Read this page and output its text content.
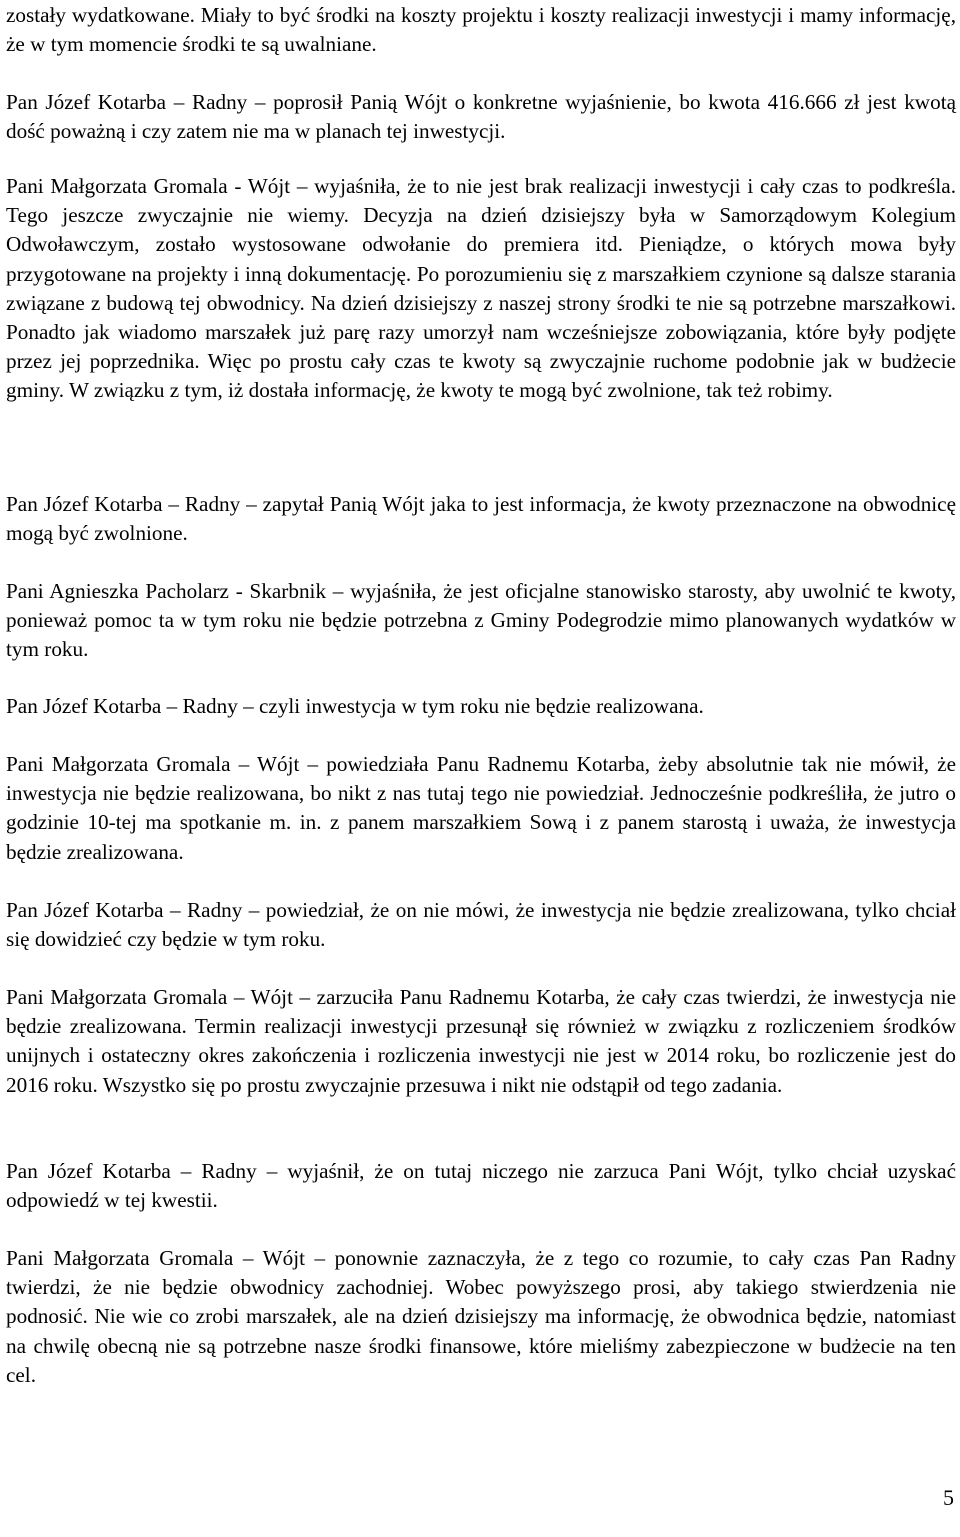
zostały wydatkowane. Miały to być środki na koszty projektu i koszty realizacji inwestycji i mamy informację, że w tym momencie środki te są uwalniane.

Pan Józef Kotarba – Radny – poprosił Panią Wójt o konkretne wyjaśnienie, bo kwota 416.666 zł jest kwotą dość poważną i czy zatem nie ma w planach tej inwestycji.

Pani Małgorzata Gromala - Wójt – wyjaśniła, że to nie jest brak realizacji inwestycji i cały czas to podkreśla. Tego jeszcze zwyczajnie nie wiemy. Decyzja na dzień dzisiejszy była w Samorządowym Kolegium Odwoławczym, zostało wystosowane odwołanie do premiera itd. Pieniądze, o których mowa były przygotowane na projekty i inną dokumentację. Po porozumieniu się z marszałkiem czynione są dalsze starania związane z budową tej obwodnicy. Na dzień dzisiejszy z naszej strony środki te nie są potrzebne marszałkowi. Ponadto jak wiadomo marszałek już parę razy umorzył nam wcześniejsze zobowiązania, które były podjęte przez jej poprzednika. Więc po prostu cały czas te kwoty są zwyczajnie ruchome podobnie jak w budżecie gminy. W związku z tym, iż dostała informację, że kwoty te mogą być zwolnione, tak też robimy.

Pan Józef Kotarba – Radny – zapytał Panią Wójt jaka to jest informacja, że kwoty przeznaczone na obwodnicę mogą być zwolnione.

Pani Agnieszka Pacholarz - Skarbnik – wyjaśniła, że jest oficjalne stanowisko starosty, aby uwolnić te kwoty, ponieważ pomoc ta w tym roku nie będzie potrzebna z Gminy Podegrodzie mimo planowanych wydatków w tym roku.

Pan Józef Kotarba – Radny – czyli inwestycja w tym roku nie będzie realizowana.

Pani Małgorzata Gromala – Wójt – powiedziała Panu Radnemu Kotarba, żeby absolutnie tak nie mówił, że inwestycja nie będzie realizowana, bo nikt z nas tutaj tego nie powiedział. Jednocześnie podkreśliła, że jutro o godzinie 10-tej ma spotkanie m. in. z panem marszałkiem Sową i z panem starostą i uważa, że inwestycja będzie zrealizowana.

Pan Józef Kotarba – Radny – powiedział, że on nie mówi, że inwestycja nie będzie zrealizowana, tylko chciał się dowidzieć czy będzie w tym roku.

Pani Małgorzata Gromala – Wójt – zarzuciła Panu Radnemu Kotarba, że cały czas twierdzi, że inwestycja nie będzie zrealizowana. Termin realizacji inwestycji przesunął się również w związku z rozliczeniem środków unijnych i ostateczny okres zakończenia i rozliczenia inwestycji nie jest w 2014 roku, bo rozliczenie jest do 2016 roku. Wszystko się po prostu zwyczajnie przesuwa i nikt nie odstąpił od tego zadania.

Pan Józef Kotarba – Radny – wyjaśnił, że on tutaj niczego nie zarzuca Pani Wójt, tylko chciał uzyskać odpowiedź w tej kwestii.

Pani Małgorzata Gromala – Wójt – ponownie zaznaczyła, że z tego co rozumie, to cały czas Pan Radny twierdzi, że nie będzie obwodnicy zachodniej. Wobec powyższego prosi, aby takiego stwierdzenia nie podnosić. Nie wie co zrobi marszałek, ale na dzień dzisiejszy ma informację, że obwodnica będzie, natomiast na chwilę obecną nie są potrzebne nasze środki finansowe, które mieliśmy zabezpieczone w budżecie na ten cel.

5
